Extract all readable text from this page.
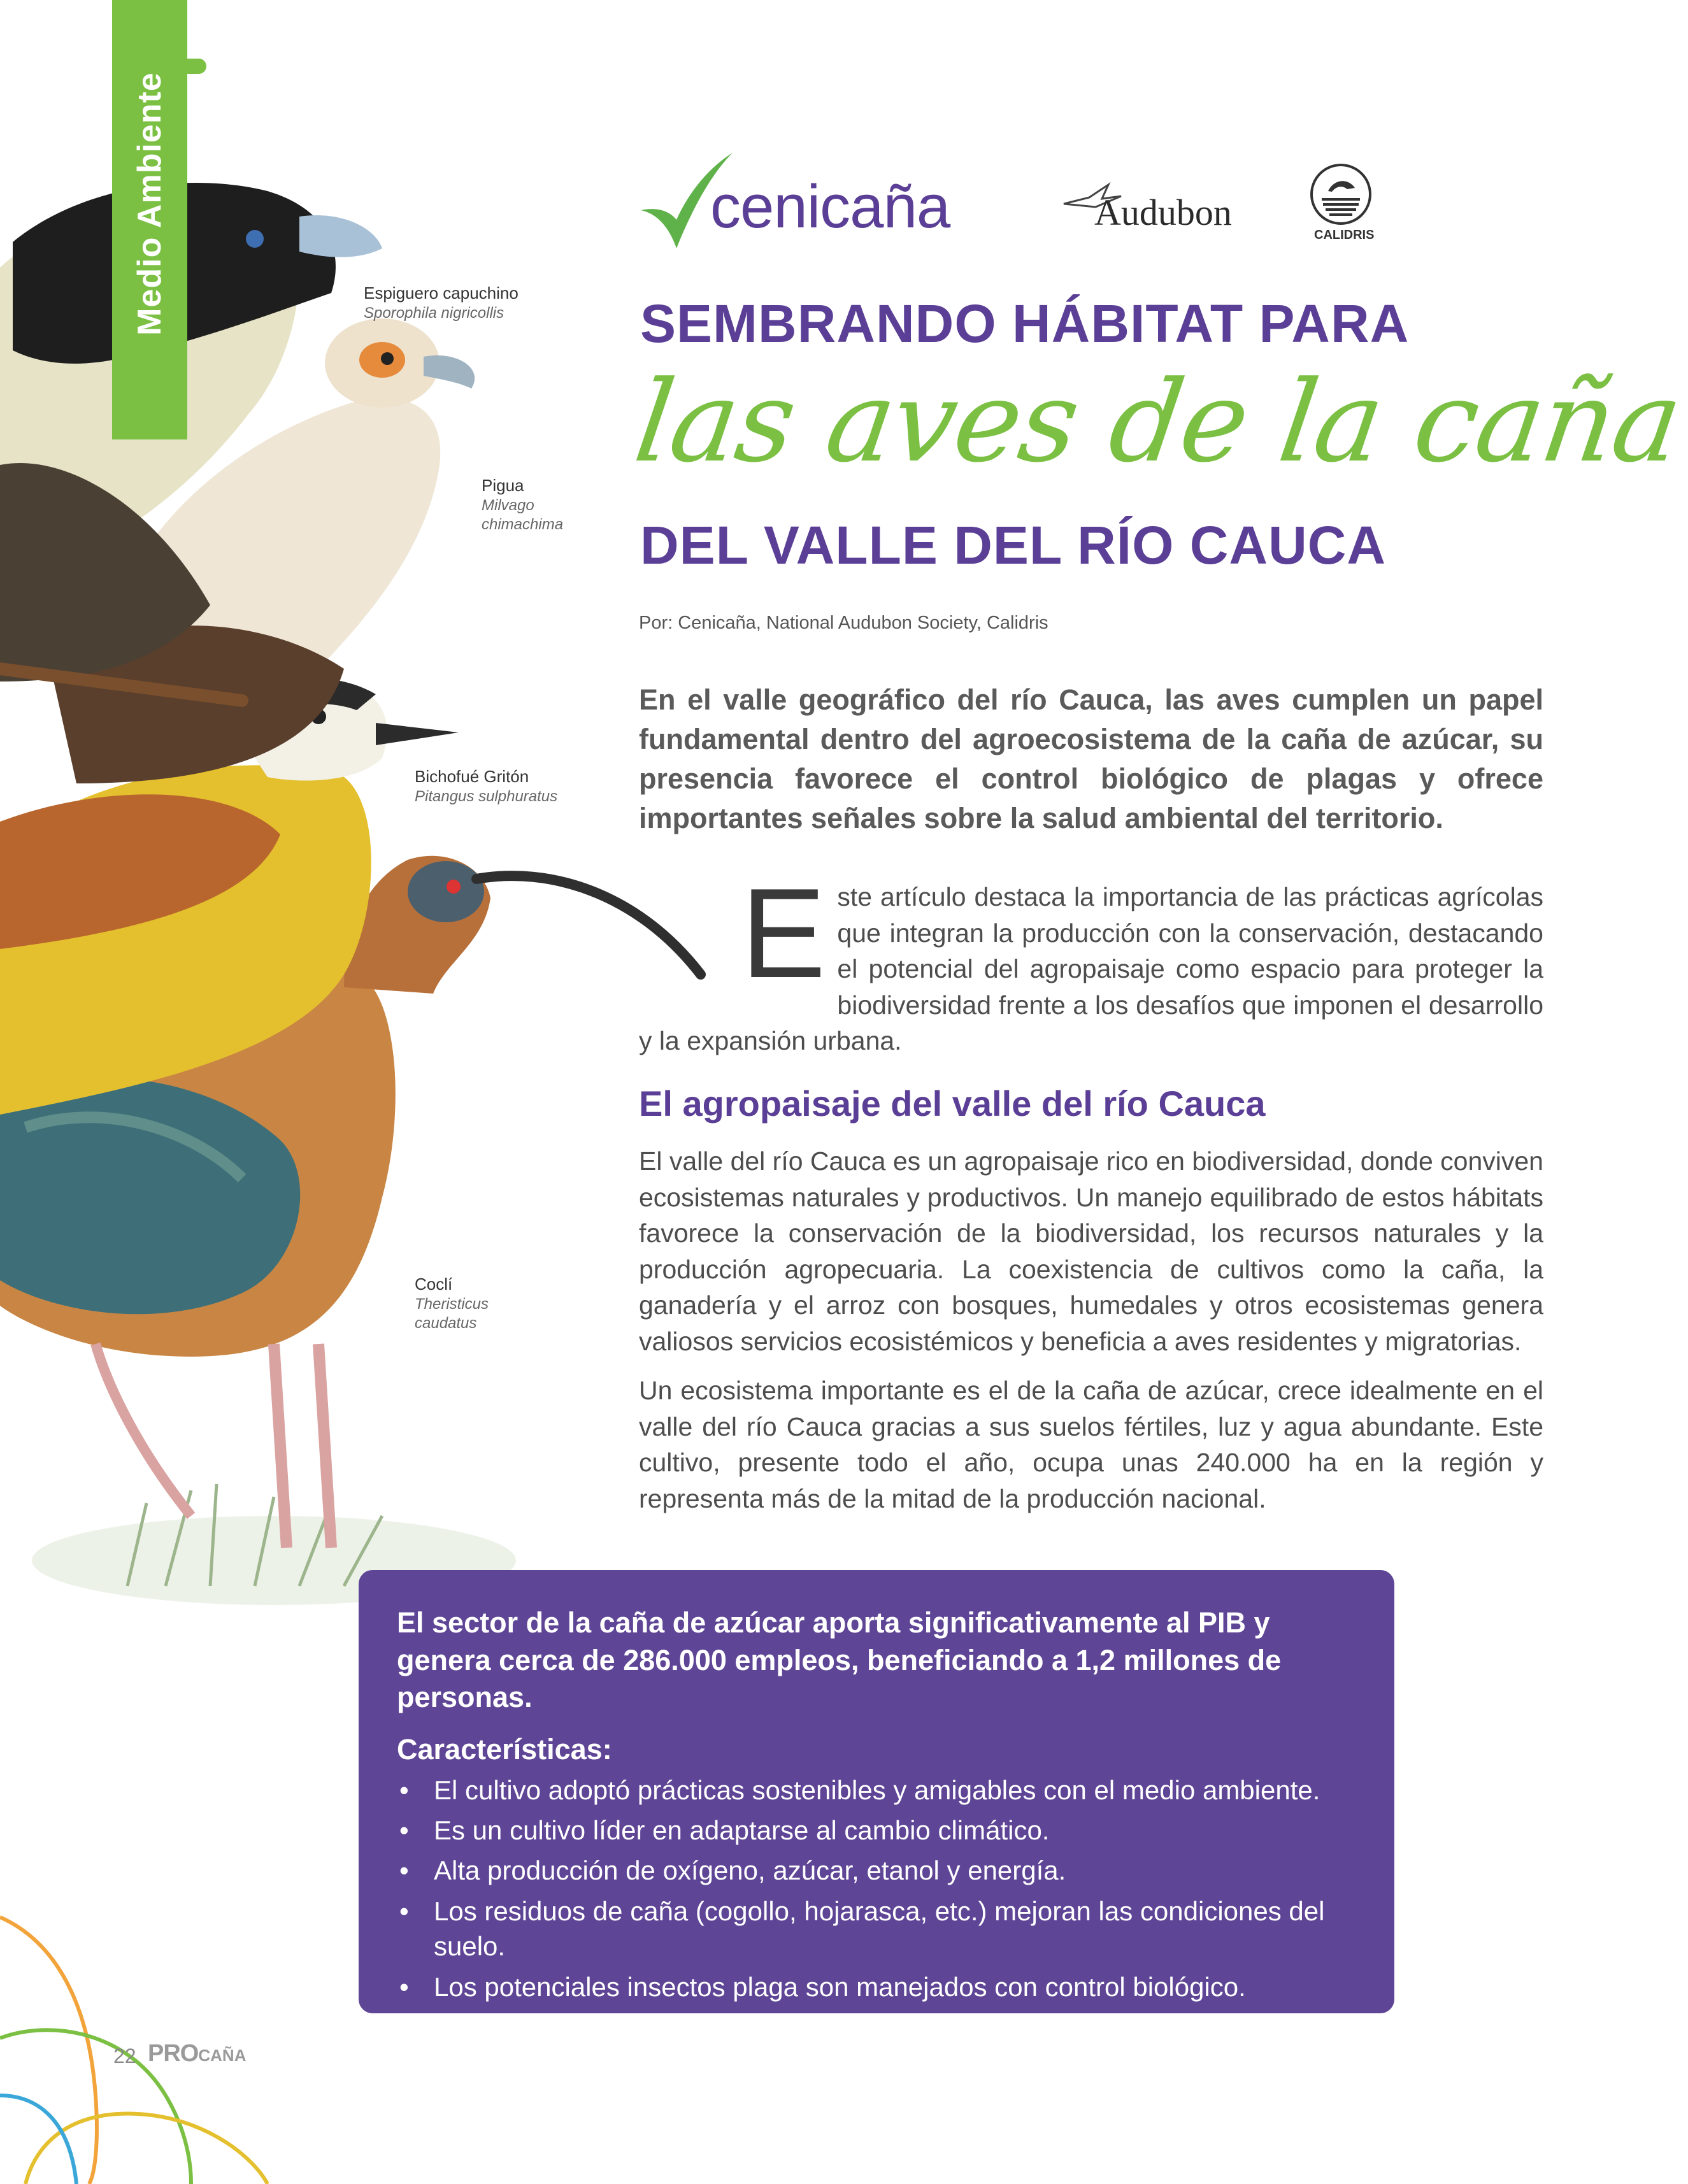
Medio Ambiente	Espiguero capuchino
Sporophila nigricollis
Pigua
Milvago chimachima
Bichofué Gritón
Pitangus sulphuratus
Coclí
Theristicus caudatus
cenicaña	Audubon
CALIDRIS
SEMBRANDO HÁBITAT PARA
las aves de la caña
DEL VALLE DEL RÍO CAUCA
Por: Cenicaña, National Audubon Society, Calidris
En el valle geográfico del río Cauca, las aves cumplen un papel fundamental dentro del agroecosistema de la caña de azúcar, su presencia favorece el control biológico de plagas y ofrece importantes señales sobre la salud ambiental del territorio.
Este artículo destaca la importancia de las prácticas agrícolas que integran la producción con la conservación, destacando el potencial del agropaisaje como espacio para proteger la biodiversidad frente a los desafíos que imponen el desarrollo y la expansión urbana.
El agropaisaje del valle del río Cauca
El valle del río Cauca es un agropaisaje rico en biodiversidad, donde conviven ecosistemas naturales y productivos. Un manejo equilibrado de estos hábitats favorece la conservación de la biodiversidad, los recursos naturales y la producción agropecuaria. La coexistencia de cultivos como la caña, la ganadería y el arroz con bosques, humedales y otros ecosistemas genera valiosos servicios ecosistémicos y beneficia a aves residentes y migratorias.
Un ecosistema importante es el de la caña de azúcar, crece idealmente en el valle del río Cauca gracias a sus suelos fértiles, luz y agua abundante. Este cultivo, presente todo el año, ocupa unas 240.000 ha en la región y representa más de la mitad de la producción nacional.
El sector de la caña de azúcar aporta significativamente al PIB y genera cerca de 286.000 empleos, beneficiando a 1,2 millones de personas.
Características:
• El cultivo adoptó prácticas sostenibles y amigables con el medio ambiente.
• Es un cultivo líder en adaptarse al cambio climático.
• Alta producción de oxígeno, azúcar, etanol y energía.
• Los residuos de caña (cogollo, hojarasca, etc.) mejoran las condiciones del suelo.
• Los potenciales insectos plaga son manejados con control biológico.
22 PROCAÑA
